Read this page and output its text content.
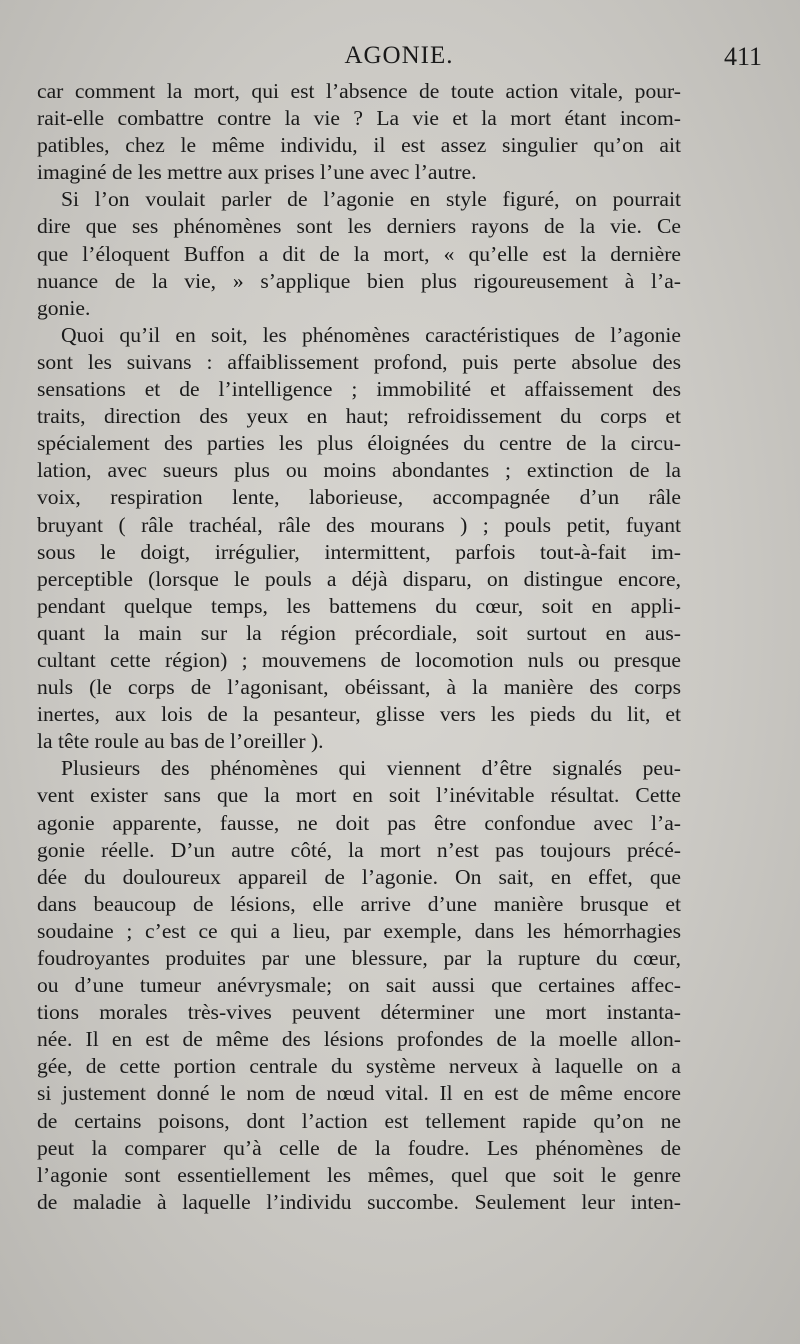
AGONIE.	411
car comment la mort, qui est l’absence de toute action vitale, pour-
rait-elle combattre contre la vie ? La vie et la mort étant incom-
patibles, chez le même individu, il est assez singulier qu’on ait
imaginé de les mettre aux prises l’une avec l’autre.
Si l’on voulait parler de l’agonie en style figuré, on pourrait
dire que ses phénomènes sont les derniers rayons de la vie. Ce
que l’éloquent Buffon a dit de la mort, « qu’elle est la dernière
nuance de la vie, » s’applique bien plus rigoureusement à l’a-
gonie.
Quoi qu’il en soit, les phénomènes caractéristiques de l’agonie
sont les suivans : affaiblissement profond, puis perte absolue des
sensations et de l’intelligence ; immobilité et affaissement des
traits, direction des yeux en haut; refroidissement du corps et
spécialement des parties les plus éloignées du centre de la circu-
lation, avec sueurs plus ou moins abondantes ; extinction de la
voix, respiration lente, laborieuse, accompagnée d’un râle
bruyant ( râle trachéal, râle des mourans ) ; pouls petit, fuyant
sous le doigt, irrégulier, intermittent, parfois tout-à-fait im-
perceptible (lorsque le pouls a déjà disparu, on distingue encore,
pendant quelque temps, les battemens du cœur, soit en appli-
quant la main sur la région précordiale, soit surtout en aus-
cultant cette région) ; mouvemens de locomotion nuls ou presque
nuls (le corps de l’agonisant, obéissant, à la manière des corps
inertes, aux lois de la pesanteur, glisse vers les pieds du lit, et
la tête roule au bas de l’oreiller ).
Plusieurs des phénomènes qui viennent d’être signalés peu-
vent exister sans que la mort en soit l’inévitable résultat. Cette
agonie apparente, fausse, ne doit pas être confondue avec l’a-
gonie réelle. D’un autre côté, la mort n’est pas toujours précé-
dée du douloureux appareil de l’agonie. On sait, en effet, que
dans beaucoup de lésions, elle arrive d’une manière brusque et
soudaine ; c’est ce qui a lieu, par exemple, dans les hémorrhagies
foudroyantes produites par une blessure, par la rupture du cœur,
ou d’une tumeur anévrysmale; on sait aussi que certaines affec-
tions morales très-vives peuvent déterminer une mort instanta-
née. Il en est de même des lésions profondes de la moelle allon-
gée, de cette portion centrale du système nerveux à laquelle on a
si justement donné le nom de nœud vital. Il en est de même encore
de certains poisons, dont l’action est tellement rapide qu’on ne
peut la comparer qu’à celle de la foudre. Les phénomènes de
l’agonie sont essentiellement les mêmes, quel que soit le genre
de maladie à laquelle l’individu succombe. Seulement leur inten-
